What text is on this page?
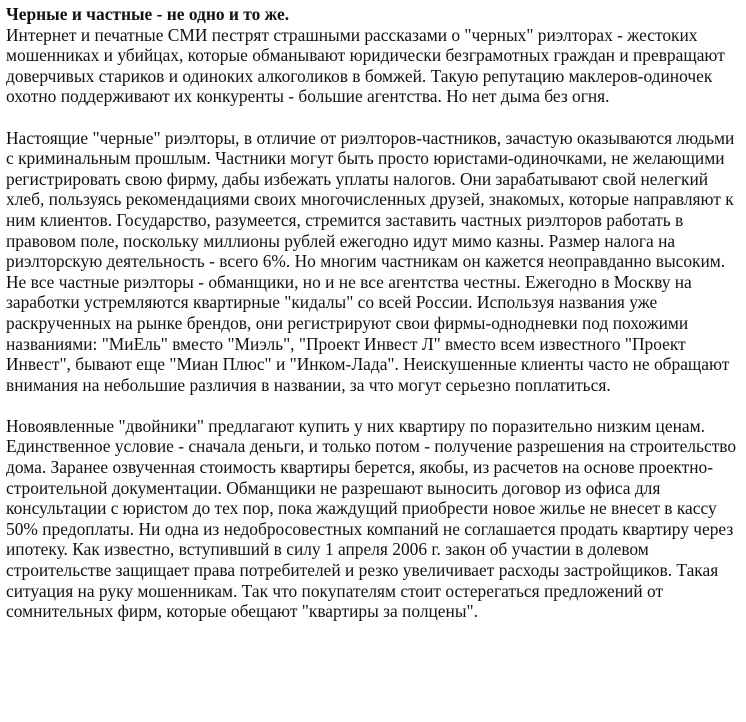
Черные и частные - не одно и то же.

Интернет и печатные СМИ пестрят страшными рассказами о "черных" риэлторах - жестоких мошенниках и убийцах, которые обманывают юридически безграмотных граждан и превращают доверчивых стариков и одиноких алкоголиков в бомжей. Такую репутацию маклеров-одиночек охотно поддерживают их конкуренты - большие агентства. Но нет дыма без огня.

Настоящие "черные" риэлторы, в отличие от риэлторов-частников, зачастую оказываются людьми с криминальным прошлым. Частники могут быть просто юристами-одиночками, не желающими регистрировать свою фирму, дабы избежать уплаты налогов. Они зарабатывают свой нелегкий хлеб, пользуясь рекомендациями своих многочисленных друзей, знакомых, которые направляют к ним клиентов. Государство, разумеется, стремится заставить частных риэлторов работать в правовом поле, поскольку миллионы рублей ежегодно идут мимо казны. Размер налога на риэлторскую деятельность - всего 6%. Но многим частникам он кажется неоправданно высоким. Не все частные риэлторы - обманщики, но и не все агентства честны. Ежегодно в Москву на заработки устремляются квартирные "кидалы" со всей России. Используя названия уже раскрученных на рынке брендов, они регистрируют свои фирмы-однодневки под похожими названиями: "МиЕль" вместо "Миэль", "Проект Инвест Л" вместо всем известного "Проект Инвест", бывают еще "Миан Плюс" и "Инком-Лада". Неискушенные клиенты часто не обращают внимания на небольшие различия в названии, за что могут серьезно поплатиться.

Новоявленные "двойники" предлагают купить у них квартиру по поразительно низким ценам. Единственное условие - сначала деньги, и только потом - получение разрешения на строительство дома. Заранее озвученная стоимость квартиры берется, якобы, из расчетов на основе проектно-строительной документации. Обманщики не разрешают выносить договор из офиса для консультации с юристом до тех пор, пока жаждущий приобрести новое жилье не внесет в кассу 50% предоплаты. Ни одна из недобросовестных компаний не соглашается продать квартиру через ипотеку. Как известно, вступивший в силу 1 апреля 2006 г. закон об участии в долевом строительстве защищает права потребителей и резко увеличивает расходы застройщиков. Такая ситуация на руку мошенникам. Так что покупателям стоит остерегаться предложений от сомнительных фирм, которые обещают "квартиры за полцены".
